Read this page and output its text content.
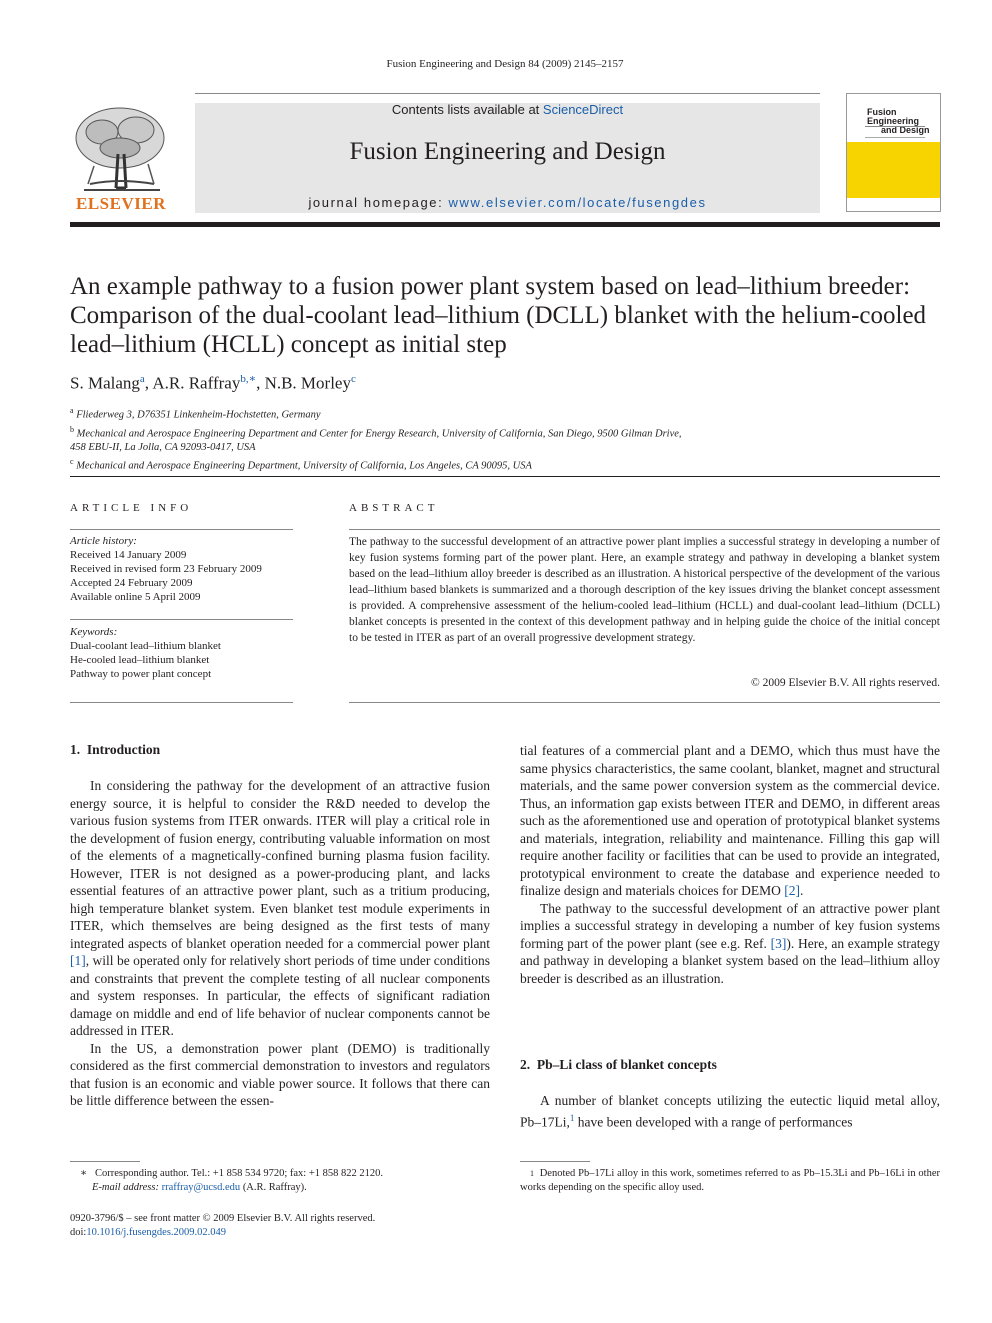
Fusion Engineering and Design 84 (2009) 2145–2157
ELSEVIER
Contents lists available at ScienceDirect
Fusion Engineering and Design
journal homepage: www.elsevier.com/locate/fusengdes
Fusion Engineering
and Design
An example pathway to a fusion power plant system based on lead–lithium breeder: Comparison of the dual-coolant lead–lithium (DCLL) blanket with the helium-cooled lead–lithium (HCLL) concept as initial step
S. Malang$^a$, A.R. Raffray$^{b,∗}$, N.B. Morley$^c$
$^a$ Fliederweg 3, D76351 Linkenheim-Hochstetten, Germany
$^b$ Mechanical and Aerospace Engineering Department and Center for Energy Research, University of California, San Diego, 9500 Gilman Drive,
458 EBU-II, La Jolla, CA 92093-0417, USA
$^c$ Mechanical and Aerospace Engineering Department, University of California, Los Angeles, CA 90095, USA
ARTICLE INFO
Article history:
Received 14 January 2009
Received in revised form 23 February 2009
Accepted 24 February 2009
Available online 5 April 2009
Keywords:
Dual-coolant lead–lithium blanket
He-cooled lead–lithium blanket
Pathway to power plant concept
ABSTRACT
The pathway to the successful development of an attractive power plant implies a successful strategy in developing a number of key fusion systems forming part of the power plant. Here, an example strategy and pathway in developing a blanket system based on the lead–lithium alloy breeder is described as an illustration. A historical perspective of the development of the various lead–lithium based blankets is summarized and a thorough description of the key issues driving the blanket concept assessment is provided. A comprehensive assessment of the helium-cooled lead–lithium (HCLL) and dual-coolant lead–lithium (DCLL) blanket concepts is presented in the context of this development pathway and in helping guide the choice of the initial concept to be tested in ITER as part of an overall progressive development strategy.
© 2009 Elsevier B.V. All rights reserved.
1.  Introduction

In considering the pathway for the development of an attractive fusion energy source, it is helpful to consider the R&D needed to develop the various fusion systems from ITER onwards. ITER will play a critical role in the development of fusion energy, contributing valuable information on most of the elements of a magnetically-confined burning plasma fusion facility. However, ITER is not designed as a power-producing plant, and lacks essential features of an attractive power plant, such as a tritium producing, high temperature blanket system. Even blanket test module experiments in ITER, which themselves are being designed as the first tests of many integrated aspects of blanket operation needed for a commercial power plant [1], will be operated only for relatively short periods of time under conditions and constraints that prevent the complete testing of all nuclear components and system responses. In particular, the effects of significant radiation damage on middle and end of life behavior of nuclear components cannot be addressed in ITER.

In the US, a demonstration power plant (DEMO) is traditionally considered as the first commercial demonstration to investors and regulators that fusion is an economic and viable power source. It follows that there can be little difference between the essen-

tial features of a commercial plant and a DEMO, which thus must have the same physics characteristics, the same coolant, blanket, magnet and structural materials, and the same power conversion system as the commercial device. Thus, an information gap exists between ITER and DEMO, in different areas such as the aforementioned use and operation of prototypical blanket systems and materials, integration, reliability and maintenance. Filling this gap will require another facility or facilities that can be used to provide an integrated, prototypical environment to create the database and experience needed to finalize design and materials choices for DEMO [2].

The pathway to the successful development of an attractive power plant implies a successful strategy in developing a number of key fusion systems forming part of the power plant (see e.g. Ref. [3]). Here, an example strategy and pathway in developing a blanket system based on the lead–lithium alloy breeder is described as an illustration.

2.  Pb–Li class of blanket concepts

A number of blanket concepts utilizing the eutectic liquid metal alloy, Pb–17Li,$^1$ have been developed with a range of performances

∗ Corresponding author. Tel.: +1 858 534 9720; fax: +1 858 822 2120.
E-mail address: rraffray@ucsd.edu (A.R. Raffray).
0920-3796/$ – see front matter © 2009 Elsevier B.V. All rights reserved.
doi:10.1016/j.fusengdes.2009.02.049
$^1$ Denoted Pb–17Li alloy in this work, sometimes referred to as Pb–15.3Li and Pb–16Li in other works depending on the specific alloy used.
